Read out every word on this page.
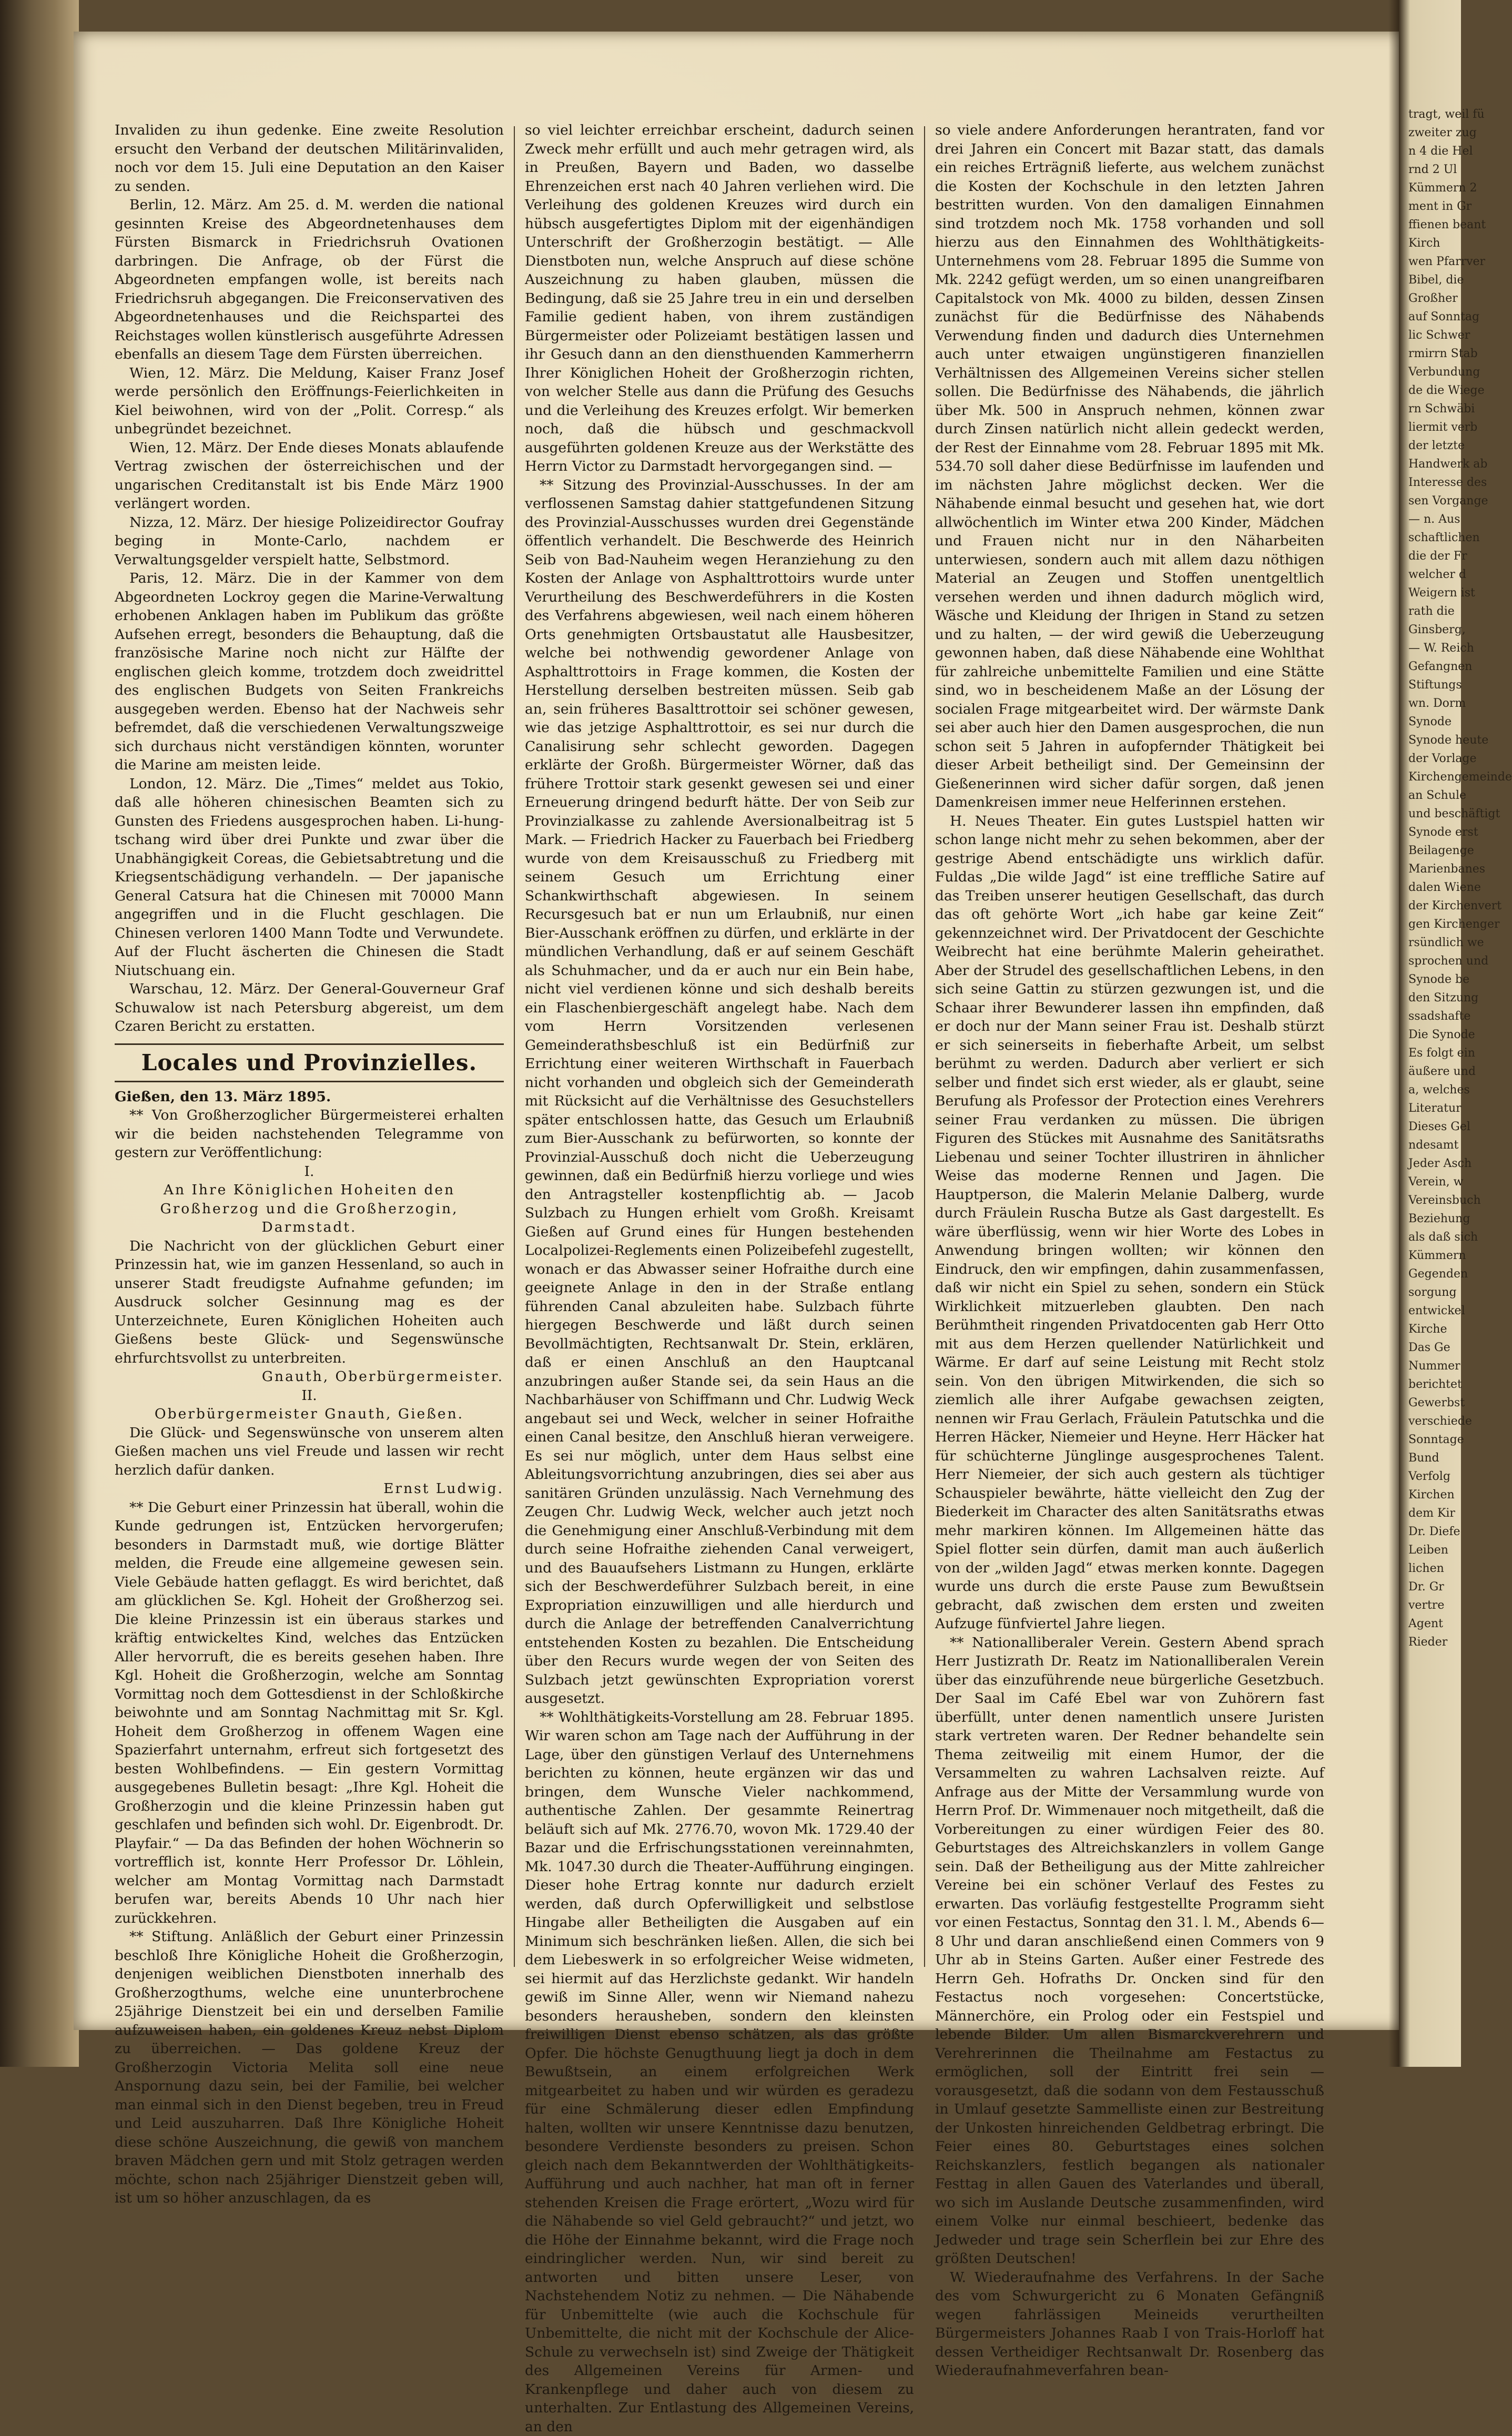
Invaliden zu ihun gedenke. Eine zweite Resolution ersucht den Verband der deutschen Militärinvaliden, noch vor dem 15. Juli eine Deputation an den Kaiser zu senden.

Berlin, 12. März. Am 25. d. M. werden die national gesinnten Kreise des Abgeordnetenhauses dem Fürsten Bismarck in Friedrichsruh Ovationen darbringen. Die Anfrage, ob der Fürst die Abgeordneten empfangen wolle, ist bereits nach Friedrichsruh abgegangen. Die Freiconservativen des Abgeordnetenhauses und die Reichspartei des Reichstages wollen künstlerisch ausgeführte Adressen ebenfalls an diesem Tage dem Fürsten überreichen.

Wien, 12. März. Die Meldung, Kaiser Franz Josef werde persönlich den Eröffnungs-Feierlichkeiten in Kiel beiwohnen, wird von der „Polit. Corresp.“ als unbegründet bezeichnet.

Wien, 12. März. Der Ende dieses Monats ablaufende Vertrag zwischen der österreichischen und der ungarischen Creditanstalt ist bis Ende März 1900 verlängert worden.

Nizza, 12. März. Der hiesige Polizeidirector Goufray beging in Monte-Carlo, nachdem er Verwaltungsgelder verspielt hatte, Selbstmord.

Paris, 12. März. Die in der Kammer von dem Abgeordneten Lockroy gegen die Marine-Verwaltung erhobenen Anklagen haben im Publikum das größte Aufsehen erregt, besonders die Behauptung, daß die französische Marine noch nicht zur Hälfte der englischen gleich komme, trotzdem doch zweidrittel des englischen Budgets von Seiten Frankreichs ausgegeben werden. Ebenso hat der Nachweis sehr befremdet, daß die verschiedenen Verwaltungszweige sich durchaus nicht verständigen könnten, worunter die Marine am meisten leide.

London, 12. März. Die „Times“ meldet aus Tokio, daß alle höheren chinesischen Beamten sich zu Gunsten des Friedens ausgesprochen haben. Li-hung-tschang wird über drei Punkte und zwar über die Unabhängigkeit Coreas, die Gebietsabtretung und die Kriegsentschädigung verhandeln. — Der japanische General Catsura hat die Chinesen mit 70000 Mann angegriffen und in die Flucht geschlagen. Die Chinesen verloren 1400 Mann Todte und Verwundete. Auf der Flucht äscherten die Chinesen die Stadt Niutschuang ein.

Warschau, 12. März. Der General-Gouverneur Graf Schuwalow ist nach Petersburg abgereist, um dem Czaren Bericht zu erstatten.

Locales und Provinzielles.

Gießen, den 13. März 1895.

** Von Großherzoglicher Bürgermeisterei erhalten wir die beiden nachstehenden Telegramme von gestern zur Veröffentlichung:

I.

An Ihre Königlichen Hoheiten den Großherzog und die Großherzogin, Darmstadt.

Die Nachricht von der glücklichen Geburt einer Prinzessin hat, wie im ganzen Hessenland, so auch in unserer Stadt freudigste Aufnahme gefunden; im Ausdruck solcher Gesinnung mag es der Unterzeichnete, Euren Königlichen Hoheiten auch Gießens beste Glück- und Segenswünsche ehrfurchtsvollst zu unterbreiten.

Gnauth, Oberbürgermeister.

II.

Oberbürgermeister Gnauth, Gießen.

Die Glück- und Segenswünsche von unserem alten Gießen machen uns viel Freude und lassen wir recht herzlich dafür danken.

Ernst Ludwig.

** Die Geburt einer Prinzessin hat überall, wohin die Kunde gedrungen ist, Entzücken hervorgerufen; besonders in Darmstadt muß, wie dortige Blätter melden, die Freude eine allgemeine gewesen sein. Viele Gebäude hatten geflaggt. Es wird berichtet, daß am glücklichen Se. Kgl. Hoheit der Großherzog sei. Die kleine Prinzessin ist ein überaus starkes und kräftig entwickeltes Kind, welches das Entzücken Aller hervorruft, die es bereits gesehen haben. Ihre Kgl. Hoheit die Großherzogin, welche am Sonntag Vormittag noch dem Gottesdienst in der Schloßkirche beiwohnte und am Sonntag Nachmittag mit Sr. Kgl. Hoheit dem Großherzog in offenem Wagen eine Spazierfahrt unternahm, erfreut sich fortgesetzt des besten Wohlbefindens. — Ein gestern Vormittag ausgegebenes Bulletin besagt: „Ihre Kgl. Hoheit die Großherzogin und die kleine Prinzessin haben gut geschlafen und befinden sich wohl. Dr. Eigenbrodt. Dr. Playfair.“ — Da das Befinden der hohen Wöchnerin so vortrefflich ist, konnte Herr Professor Dr. Löhlein, welcher am Montag Vormittag nach Darmstadt berufen war, bereits Abends 10 Uhr nach hier zurückkehren.

** Stiftung. Anläßlich der Geburt einer Prinzessin beschloß Ihre Königliche Hoheit die Großherzogin, denjenigen weiblichen Dienstboten innerhalb des Großherzogthums, welche eine ununterbrochene 25jährige Dienstzeit bei ein und derselben Familie aufzuweisen haben, ein goldenes Kreuz nebst Diplom zu überreichen. — Das goldene Kreuz der Großherzogin Victoria Melita soll eine neue Anspornung dazu sein, bei der Familie, bei welcher man einmal sich in den Dienst begeben, treu in Freud und Leid auszuharren. Daß Ihre Königliche Hoheit diese schöne Auszeichnung, die gewiß von manchem braven Mädchen gern und mit Stolz getragen werden möchte, schon nach 25jähriger Dienstzeit geben will, ist um so höher anzuschlagen, da es

so viel leichter erreichbar erscheint, dadurch seinen Zweck mehr erfüllt und auch mehr getragen wird, als in Preußen, Bayern und Baden, wo dasselbe Ehrenzeichen erst nach 40 Jahren verliehen wird. Die Verleihung des goldenen Kreuzes wird durch ein hübsch ausgefertigtes Diplom mit der eigenhändigen Unterschrift der Großherzogin bestätigt. — Alle Dienstboten nun, welche Anspruch auf diese schöne Auszeichnung zu haben glauben, müssen die Bedingung, daß sie 25 Jahre treu in ein und derselben Familie gedient haben, von ihrem zuständigen Bürgermeister oder Polizeiamt bestätigen lassen und ihr Gesuch dann an den diensthuenden Kammerherrn Ihrer Königlichen Hoheit der Großherzogin richten, von welcher Stelle aus dann die Prüfung des Gesuchs und die Verleihung des Kreuzes erfolgt. Wir bemerken noch, daß die hübsch und geschmackvoll ausgeführten goldenen Kreuze aus der Werkstätte des Herrn Victor zu Darmstadt hervorgegangen sind. —

** Sitzung des Provinzial-Ausschusses. In der am verflossenen Samstag dahier stattgefundenen Sitzung des Provinzial-Ausschusses wurden drei Gegenstände öffentlich verhandelt. Die Beschwerde des Heinrich Seib von Bad-Nauheim wegen Heranziehung zu den Kosten der Anlage von Asphalttrottoirs wurde unter Verurtheilung des Beschwerdeführers in die Kosten des Verfahrens abgewiesen, weil nach einem höheren Orts genehmigten Ortsbaustatut alle Hausbesitzer, welche bei nothwendig gewordener Anlage von Asphalttrottoirs in Frage kommen, die Kosten der Herstellung derselben bestreiten müssen. Seib gab an, sein früheres Basalttrottoir sei schöner gewesen, wie das jetzige Asphalttrottoir, es sei nur durch die Canalisirung sehr schlecht geworden. Dagegen erklärte der Großh. Bürgermeister Wörner, daß das frühere Trottoir stark gesenkt gewesen sei und einer Erneuerung dringend bedurft hätte. Der von Seib zur Provinzialkasse zu zahlende Aversionalbeitrag ist 5 Mark. — Friedrich Hacker zu Fauerbach bei Friedberg wurde von dem Kreisausschuß zu Friedberg mit seinem Gesuch um Errichtung einer Schankwirthschaft abgewiesen. In seinem Recursgesuch bat er nun um Erlaubniß, nur einen Bier-Ausschank eröffnen zu dürfen, und erklärte in der mündlichen Verhandlung, daß er auf seinem Geschäft als Schuhmacher, und da er auch nur ein Bein habe, nicht viel verdienen könne und sich deshalb bereits ein Flaschenbiergeschäft angelegt habe. Nach dem vom Herrn Vorsitzenden verlesenen Gemeinderathsbeschluß ist ein Bedürfniß zur Errichtung einer weiteren Wirthschaft in Fauerbach nicht vorhanden und obgleich sich der Gemeinderath mit Rücksicht auf die Verhältnisse des Gesuchstellers später entschlossen hatte, das Gesuch um Erlaubniß zum Bier-Ausschank zu befürworten, so konnte der Provinzial-Ausschuß doch nicht die Ueberzeugung gewinnen, daß ein Bedürfniß hierzu vorliege und wies den Antragsteller kostenpflichtig ab. — Jacob Sulzbach zu Hungen erhielt vom Großh. Kreisamt Gießen auf Grund eines für Hungen bestehenden Localpolizei-Reglements einen Polizeibefehl zugestellt, wonach er das Abwasser seiner Hofraithe durch eine geeignete Anlage in den in der Straße entlang führenden Canal abzuleiten habe. Sulzbach führte hiergegen Beschwerde und läßt durch seinen Bevollmächtigten, Rechtsanwalt Dr. Stein, erklären, daß er einen Anschluß an den Hauptcanal anzubringen außer Stande sei, da sein Haus an die Nachbarhäuser von Schiffmann und Chr. Ludwig Weck angebaut sei und Weck, welcher in seiner Hofraithe einen Canal besitze, den Anschluß hieran verweigere. Es sei nur möglich, unter dem Haus selbst eine Ableitungsvorrichtung anzubringen, dies sei aber aus sanitären Gründen unzulässig. Nach Vernehmung des Zeugen Chr. Ludwig Weck, welcher auch jetzt noch die Genehmigung einer Anschluß-Verbindung mit dem durch seine Hofraithe ziehenden Canal verweigert, und des Bauaufsehers Listmann zu Hungen, erklärte sich der Beschwerdeführer Sulzbach bereit, in eine Expropriation einzuwilligen und alle hierdurch und durch die Anlage der betreffenden Canalverrichtung entstehenden Kosten zu bezahlen. Die Entscheidung über den Recurs wurde wegen der von Seiten des Sulzbach jetzt gewünschten Expropriation vorerst ausgesetzt.

** Wohlthätigkeits-Vorstellung am 28. Februar 1895. Wir waren schon am Tage nach der Aufführung in der Lage, über den günstigen Verlauf des Unternehmens berichten zu können, heute ergänzen wir das und bringen, dem Wunsche Vieler nachkommend, authentische Zahlen. Der gesammte Reinertrag beläuft sich auf Mk. 2776.70, wovon Mk. 1729.40 der Bazar und die Erfrischungsstationen vereinnahmten, Mk. 1047.30 durch die Theater-Aufführung eingingen. Dieser hohe Ertrag konnte nur dadurch erzielt werden, daß durch Opferwilligkeit und selbstlose Hingabe aller Betheiligten die Ausgaben auf ein Minimum sich beschränken ließen. Allen, die sich bei dem Liebeswerk in so erfolgreicher Weise widmeten, sei hiermit auf das Herzlichste gedankt. Wir handeln gewiß im Sinne Aller, wenn wir Niemand nahezu besonders herausheben, sondern den kleinsten freiwilligen Dienst ebenso schätzen, als das größte Opfer. Die höchste Genugthuung liegt ja doch in dem Bewußtsein, an einem erfolgreichen Werk mitgearbeitet zu haben und wir würden es geradezu für eine Schmälerung dieser edlen Empfindung halten, wollten wir unsere Kenntnisse dazu benutzen, besondere Verdienste besonders zu preisen. Schon gleich nach dem Bekanntwerden der Wohlthätigkeits-Aufführung und auch nachher, hat man oft in ferner stehenden Kreisen die Frage erörtert, „Wozu wird für die Nähabende so viel Geld gebraucht?“ und jetzt, wo die Höhe der Einnahme bekannt, wird die Frage noch eindringlicher werden. Nun, wir sind bereit zu antworten und bitten unsere Leser, von Nachstehendem Notiz zu nehmen. — Die Nähabende für Unbemittelte (wie auch die Kochschule für Unbemittelte, die nicht mit der Kochschule der Alice-Schule zu verwechseln ist) sind Zweige der Thätigkeit des Allgemeinen Vereins für Armen- und Krankenpflege und daher auch von diesem zu unterhalten. Zur Entlastung des Allgemeinen Vereins, an den

so viele andere Anforderungen herantraten, fand vor drei Jahren ein Concert mit Bazar statt, das damals ein reiches Erträgniß lieferte, aus welchem zunächst die Kosten der Kochschule in den letzten Jahren bestritten wurden. Von den damaligen Einnahmen sind trotzdem noch Mk. 1758 vorhanden und soll hierzu aus den Einnahmen des Wohlthätigkeits-Unternehmens vom 28. Februar 1895 die Summe von Mk. 2242 gefügt werden, um so einen unangreifbaren Capitalstock von Mk. 4000 zu bilden, dessen Zinsen zunächst für die Bedürfnisse des Nähabends Verwendung finden und dadurch dies Unternehmen auch unter etwaigen ungünstigeren finanziellen Verhältnissen des Allgemeinen Vereins sicher stellen sollen. Die Bedürfnisse des Nähabends, die jährlich über Mk. 500 in Anspruch nehmen, können zwar durch Zinsen natürlich nicht allein gedeckt werden, der Rest der Einnahme vom 28. Februar 1895 mit Mk. 534.70 soll daher diese Bedürfnisse im laufenden und im nächsten Jahre möglichst decken. Wer die Nähabende einmal besucht und gesehen hat, wie dort allwöchentlich im Winter etwa 200 Kinder, Mädchen und Frauen nicht nur in den Näharbeiten unterwiesen, sondern auch mit allem dazu nöthigen Material an Zeugen und Stoffen unentgeltlich versehen werden und ihnen dadurch möglich wird, Wäsche und Kleidung der Ihrigen in Stand zu setzen und zu halten, — der wird gewiß die Ueberzeugung gewonnen haben, daß diese Nähabende eine Wohlthat für zahlreiche unbemittelte Familien und eine Stätte sind, wo in bescheidenem Maße an der Lösung der socialen Frage mitgearbeitet wird. Der wärmste Dank sei aber auch hier den Damen ausgesprochen, die nun schon seit 5 Jahren in aufopfernder Thätigkeit bei dieser Arbeit betheiligt sind. Der Gemeinsinn der Gießenerinnen wird sicher dafür sorgen, daß jenen Damenkreisen immer neue Helferinnen erstehen.

H. Neues Theater. Ein gutes Lustspiel hatten wir schon lange nicht mehr zu sehen bekommen, aber der gestrige Abend entschädigte uns wirklich dafür. Fuldas „Die wilde Jagd“ ist eine treffliche Satire auf das Treiben unserer heutigen Gesellschaft, das durch das oft gehörte Wort „ich habe gar keine Zeit“ gekennzeichnet wird. Der Privatdocent der Geschichte Weibrecht hat eine berühmte Malerin geheirathet. Aber der Strudel des gesellschaftlichen Lebens, in den sich seine Gattin zu stürzen gezwungen ist, und die Schaar ihrer Bewunderer lassen ihn empfinden, daß er doch nur der Mann seiner Frau ist. Deshalb stürzt er sich seinerseits in fieberhafte Arbeit, um selbst berühmt zu werden. Dadurch aber verliert er sich selber und findet sich erst wieder, als er glaubt, seine Berufung als Professor der Protection eines Verehrers seiner Frau verdanken zu müssen. Die übrigen Figuren des Stückes mit Ausnahme des Sanitätsraths Liebenau und seiner Tochter illustriren in ähnlicher Weise das moderne Rennen und Jagen. Die Hauptperson, die Malerin Melanie Dalberg, wurde durch Fräulein Ruscha Butze als Gast dargestellt. Es wäre überflüssig, wenn wir hier Worte des Lobes in Anwendung bringen wollten; wir können den Eindruck, den wir empfingen, dahin zusammenfassen, daß wir nicht ein Spiel zu sehen, sondern ein Stück Wirklichkeit mitzuerleben glaubten. Den nach Berühmtheit ringenden Privatdocenten gab Herr Otto mit aus dem Herzen quellender Natürlichkeit und Wärme. Er darf auf seine Leistung mit Recht stolz sein. Von den übrigen Mitwirkenden, die sich so ziemlich alle ihrer Aufgabe gewachsen zeigten, nennen wir Frau Gerlach, Fräulein Patutschka und die Herren Häcker, Niemeier und Heyne. Herr Häcker hat für schüchterne Jünglinge ausgesprochenes Talent. Herr Niemeier, der sich auch gestern als tüchtiger Schauspieler bewährte, hätte vielleicht den Zug der Biederkeit im Character des alten Sanitätsraths etwas mehr markiren können. Im Allgemeinen hätte das Spiel flotter sein dürfen, damit man auch äußerlich von der „wilden Jagd“ etwas merken konnte. Dagegen wurde uns durch die erste Pause zum Bewußtsein gebracht, daß zwischen dem ersten und zweiten Aufzuge fünfviertel Jahre liegen.

** Nationalliberaler Verein. Gestern Abend sprach Herr Justizrath Dr. Reatz im Nationalliberalen Verein über das einzuführende neue bürgerliche Gesetzbuch. Der Saal im Café Ebel war von Zuhörern fast überfüllt, unter denen namentlich unsere Juristen stark vertreten waren. Der Redner behandelte sein Thema zeitweilig mit einem Humor, der die Versammelten zu wahren Lachsalven reizte. Auf Anfrage aus der Mitte der Versammlung wurde von Herrn Prof. Dr. Wimmenauer noch mitgetheilt, daß die Vorbereitungen zu einer würdigen Feier des 80. Geburtstages des Altreichskanzlers in vollem Gange sein. Daß der Betheiligung aus der Mitte zahlreicher Vereine bei ein schöner Verlauf des Festes zu erwarten. Das vorläufig festgestellte Programm sieht vor einen Festactus, Sonntag den 31. l. M., Abends 6—8 Uhr und daran anschließend einen Commers von 9 Uhr ab in Steins Garten. Außer einer Festrede des Herrn Geh. Hofraths Dr. Oncken sind für den Festactus noch vorgesehen: Concertstücke, Männerchöre, ein Prolog oder ein Festspiel und lebende Bilder. Um allen Bismarckverehrern und Verehrerinnen die Theilnahme am Festactus zu ermöglichen, soll der Eintritt frei sein — vorausgesetzt, daß die sodann von dem Festausschuß in Umlauf gesetzte Sammelliste einen zur Bestreitung der Unkosten hinreichenden Geldbetrag erbringt. Die Feier eines 80. Geburtstages eines solchen Reichskanzlers, festlich begangen als nationaler Festtag in allen Gauen des Vaterlandes und überall, wo sich im Auslande Deutsche zusammenfinden, wird einem Volke nur einmal beschieert, bedenke das Jedweder und trage sein Scherflein bei zur Ehre des größten Deutschen!

W. Wiederaufnahme des Verfahrens. In der Sache des vom Schwurgericht zu 6 Monaten Gefängniß wegen fahrlässigen Meineids verurtheilten Bürgermeisters Johannes Raab I von Trais-Horloff hat dessen Vertheidiger Rechtsanwalt Dr. Rosenberg das Wiederaufnahmeverfahren bean-

tragt, weil fü
zweiter zug
n 4 die Hel
rnd 2 Ul
Kümmern 2
ment in Gr
ffienen beant
Kirch
wen Pfarrver
Bibel, die
Großher
auf Sonntag
lic Schwer
rmirrn Stab
Verbundung
de die Wiege
rn Schwäbi
liermit verb
der letzte
Handwerk ab
Interesse des
sen Vorgange
— n. Aus
schaftlichen
die der Fr
welcher d
Weigern ist
rath die
Ginsberg,
— W. Reich
Gefangnen
Stiftungs
wn. Dorm
Synode
Synode heute
der Vorlage
Kirchengemeinde
an Schule
und beschäftigt
Synode erst
Beilagenge
Marienbanes
dalen Wiene
der Kirchenvert
gen Kirchenger
rsündlich we
sprochen und
Synode be
den Sitzung
ssadshafte
Die Synode
Es folgt ein
äußere und
a, welches
Literatur
Dieses Gel
ndesamt
Jeder Asch
Verein, w
Vereinsbuch
Beziehung
als daß sich
Kümmern
Gegenden
sorgung
entwickel
Kirche
Das Ge
Nummer
berichtet
Gewerbst
verschiede
Sonntage
Bund
Verfolg
Kirchen
dem Kir
Dr. Diefe
Leiben
lichen
Dr. Gr
vertre
Agent
Rieder
